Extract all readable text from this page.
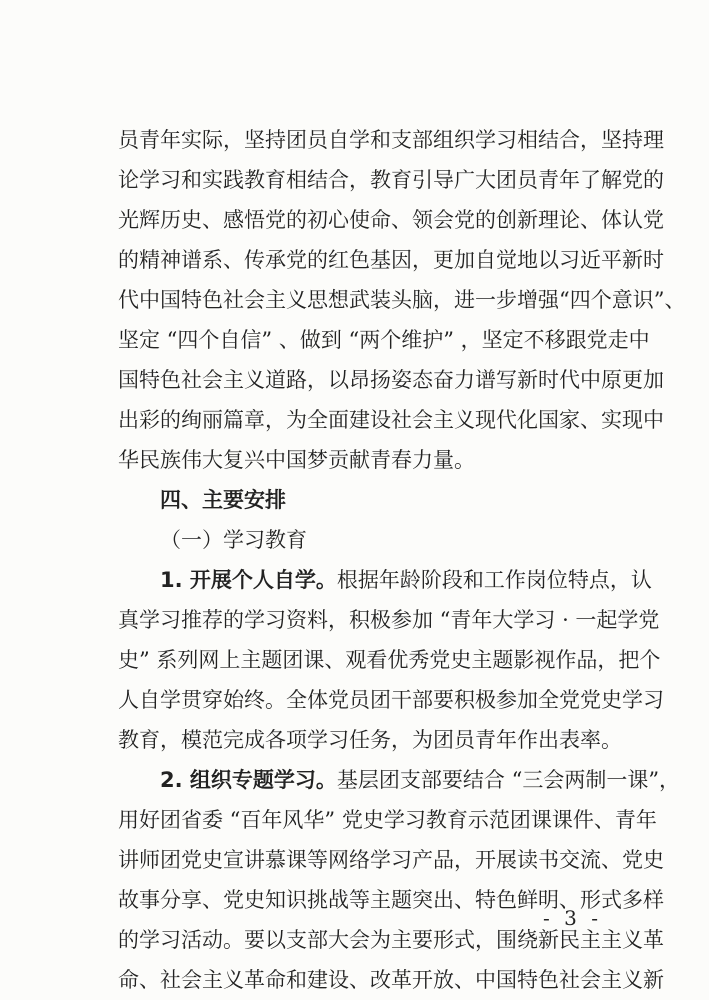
员青年实际，坚持团员自学和支部组织学习相结合，坚持理
论学习和实践教育相结合，教育引导广大团员青年了解党的
光辉历史、感悟党的初心使命、领会党的创新理论、体认党
的精神谱系、传承党的红色基因，更加自觉地以习近平新时
代中国特色社会主义思想武装头脑，进一步增强“四个意识”、
坚定 “四个自信” 、做到 “两个维护” ，坚定不移跟党走中
国特色社会主义道路，以昂扬姿态奋力谱写新时代中原更加
出彩的绚丽篇章，为全面建设社会主义现代化国家、实现中
华民族伟大复兴中国梦贡献青春力量。
四、主要安排
（一）学习教育
1. 开展个人自学。根据年龄阶段和工作岗位特点，认
真学习推荐的学习资料，积极参加 “青年大学习 · 一起学党
史” 系列网上主题团课、观看优秀党史主题影视作品，把个
人自学贯穿始终。全体党员团干部要积极参加全党党史学习
教育，模范完成各项学习任务，为团员青年作出表率。
2. 组织专题学习。基层团支部要结合 “三会两制一课”，
用好团省委 “百年风华” 党史学习教育示范团课课件、青年
讲师团党史宣讲慕课等网络学习产品，开展读书交流、党史
故事分享、党史知识挑战等主题突出、特色鲜明、形式多样
的学习活动。要以支部大会为主要形式，围绕新民主主义革
命、社会主义革命和建设、改革开放、中国特色社会主义新
- 3 -
